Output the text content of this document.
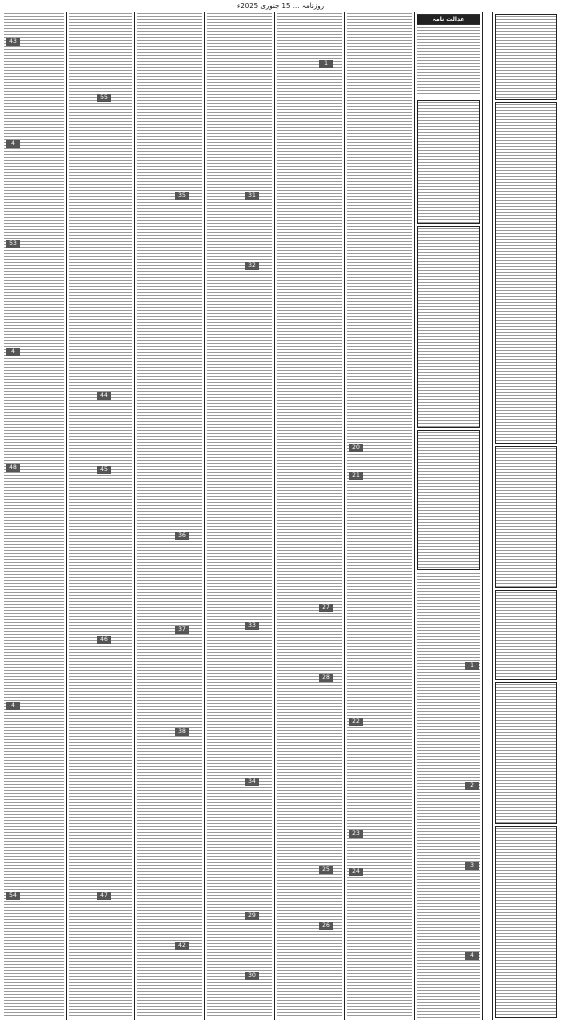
روزنامہ … 15 جنوری 2025ء
43
4
53
4
48
4
54
55
44
45
46
47
35
36
37
38
42
31
32
33
34
29
30
1
27
28
25
26
20
21
22
23
24
عدالت نامہ
1
2
3
4
